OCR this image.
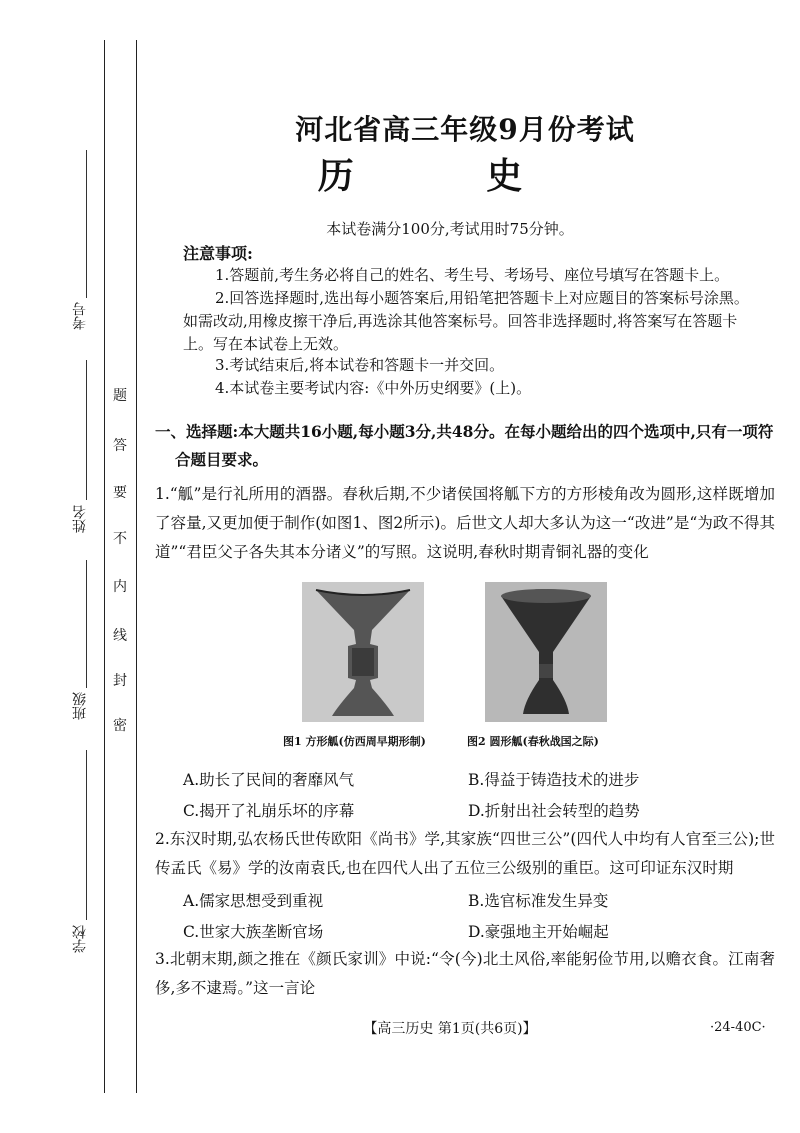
题
答
要
不
内
线
封
密
考号
姓名
班级
学校
河北省高三年级9月份考试
历 史
本试卷满分100分,考试用时75分钟。
注意事项:
1.答题前,考生务必将自己的姓名、考生号、考场号、座位号填写在答题卡上。
2.回答选择题时,选出每小题答案后,用铅笔把答题卡上对应题目的答案标号涂黑。如需改动,用橡皮擦干净后,再选涂其他答案标号。回答非选择题时,将答案写在答题卡上。写在本试卷上无效。
3.考试结束后,将本试卷和答题卡一并交回。
4.本试卷主要考试内容:《中外历史纲要》(上)。
一、选择题:本大题共16小题,每小题3分,共48分。在每小题给出的四个选项中,只有一项符
合题目要求。
1.“觚”是行礼所用的酒器。春秋后期,不少诸侯国将觚下方的方形棱角改为圆形,这样既增加了容量,又更加便于制作(如图1、图2所示)。后世文人却大多认为这一“改进”是“为政不得其道”“君臣父子各失其本分诸义”的写照。这说明,春秋时期青铜礼器的变化
图1 方形觚(仿西周早期形制)	图2 圆形觚(春秋战国之际)
A.助长了民间的奢靡风气	B.得益于铸造技术的进步
C.揭开了礼崩乐坏的序幕	D.折射出社会转型的趋势
2.东汉时期,弘农杨氏世传欧阳《尚书》学,其家族“四世三公”(四代人中均有人官至三公);世传孟氏《易》学的汝南袁氏,也在四代人出了五位三公级别的重臣。这可印证东汉时期
A.儒家思想受到重视	B.选官标准发生异变
C.世家大族垄断官场	D.豪强地主开始崛起
3.北朝末期,颜之推在《颜氏家训》中说:“令(今)北土风俗,率能躬俭节用,以赡衣食。江南奢侈,多不逮焉。”这一言论
【高三历史 第1页(共6页)】	·24-40C·
